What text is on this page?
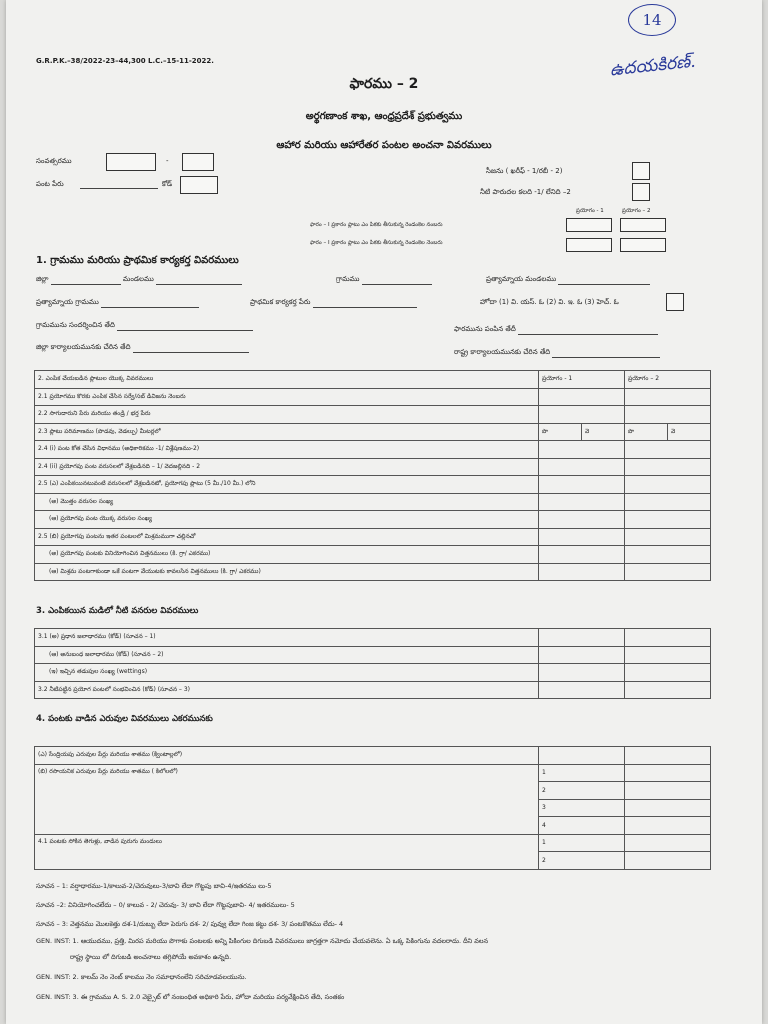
G.R.P.K.–38/2022-23–44,300 L.C.–15-11-2022.
14
ఉదయకిరణ్.
ఫారము – 2
అర్థగణాంక శాఖ, ఆంధ్రప్రదేశ్ ప్రభుత్వము
ఆహార మరియు ఆహారేతర పంటల అంచనా వివరములు
సంవత్సరము	-
పంట పేరు	కోడ్
సీజను ( ఖరీఫ్ - 1/రబీ - 2)
నీటి పారుదల కలది -1/ లేనిది –2
ప్రయోగం - 1	ప్రయోగం – 2
ఫారం – I ప్రకారం ప్లాటు ఎం పికకు తీసుకున్న రెండంకెల నంబరు
ఫారం – I ప్రకారం ప్లాటు ఎం పికకు తీసుకున్న రెండంకెల నెంబరు
1. గ్రామము మరియు ప్రాథమిక కార్యకర్త వివరములు
జిల్లా	మండలము	గ్రామము	ప్రత్యామ్నాయ మండలము
ప్రత్యామ్నాయ గ్రామము	ప్రాథమిక కార్యకర్త పేరు	హోదా (1) వి. యస్. ఓ (2) వి. ఇ. ఓ (3) హెచ్. ఓ
గ్రామమును సందర్శించిన తేది	ఫారమును పంపిన తేదీ
జిల్లా కార్యాలయమునకు చేరిన తేది
రాష్ట్ర కార్యాలయమునకు చేరిన తేది
2. ఎంపిక చేయబడిన ప్లాటుల యొక్క వివరములు	ప్రయోగం - 1		ప్రయోగం – 2	
2.1 ప్రయోగము కొరకు ఎంపిక చేసిన సర్వే/సబ్ డివిజను నెంబరు				
2.2 సాగుదారుని పేరు మరియు తండ్రి / భర్త పేరు				
2.3 ప్లాటు పరిమాణము (పొడవు, వెడల్పు) మీటర్లలో	పొ	వె	పొ	వె
2.4 (i) పంట కోత చేసిన విధానము (అధికారికము -1/ విశ్లేషణము-2)				
2.4 (ii) ప్రయోగపు పంట వరుసలలో వేశ్లబడినది – 1/ వెదజల్లినది - 2				
2.5 (ఎ) ఎంపికయినటువంటి వరుసలలో వేశ్లబడినటో, ప్రయోగపు ప్లాటు (5 మీ./10 మీ.) లోని				
(అ) మొత్తం వరుసల సంఖ్య				
(ఆ) ప్రయోగపు పంట యొక్క వరుసల సంఖ్య				
2.5 (బి) ప్రయోగపు పంటను ఇతర పంటలలో మిశ్రమముగా చల్లినచో				
(అ) ప్రయోగపు పంటకు వినియోగించిన విత్తనములు (కి. గ్రా/ ఎకరము)				
(ఆ) మిశ్రమ పంటగాకుండా ఒకే పంటగా వేయుటకు కావలసిన విత్తనములు (కి. గ్రా/ ఎకరము)				
3. ఎంపికయిన మడిలో నీటి వనరుల వివరములు
3.1 (అ) ప్రధాన జలాధారము (కోడ్) (సూచన – 1)		
(ఆ) అనుబంధ జలాధారము (కోడ్) (సూచన – 2)		
(ఇ) ఇచ్చిన తడుపుల సంఖ్య (wettings)		
3.2 నీటిపట్టిన ప్రయోగ పంటలో సంభవించిన (కోడ్) (సూచన – 3)		
4. పంటకు వాడిన ఎరువుల వివరములు ఎకరమునకు
(ఎ) సేంద్రియపు ఎరువుల పేర్లు మరియు శాతము (క్వింటాల్లలో)		
(బి) రసాయనిక ఎరువుల పేర్లు మరియు శాతము ( కిలోలలో)	1	
	2	
	3	
	4	
4.1 పంటకు సోకిన తెగుళ్లు, వాడిన పురుగు మందులు	1	
	2	
సూచన – 1: వర్షాధారము-1/కాలువ-2/చెరువులు-3/బావి లేదా గొట్టపు బావి-4/ఇతరము లు-5
సూచన –2: వినియోగించలేదు – 0/ కాలువ - 2/ చెరువు- 3/ బావి లేదా గొట్టపుబావి- 4/ ఇతరములు- 5
సూచన – 3: వెత్తనము మొలకెత్తు దశ-1/దుబ్బు లేదా పెరుగు దశ- 2/ పువ్వు లేదా గింజ కట్టు దశ- 3/ పంటకొతము లేదు- 4
GEN. INST: 1. ఆయుదము, ప్రత్తి, మిరప మరియు పొగాకు పంటలకు అన్ని పికింగుల దిగుబడి వివరములు జాగ్రత్తగా నమోదు చేయవలెను. ఏ ఒక్క పికింగును వదలరాదు. దీని వలన
రాష్ట్ర స్థాయి లో దిగుబడి అంచనాలు తగ్గిపోయే అవకాశం ఉన్నది.
GEN. INST: 2. కాలమ్ నెం నెంబ్ కాలము నెం సమాధానంలేని సరిచూడవలయును.
GEN. INST: 3. ఈ గ్రామము A. S. 2.0 వెబ్సైట్ లో నంబంధిత అధికారి పేరు, హోదా మరియు పర్యవేక్షించిన తేది, సంతకం
